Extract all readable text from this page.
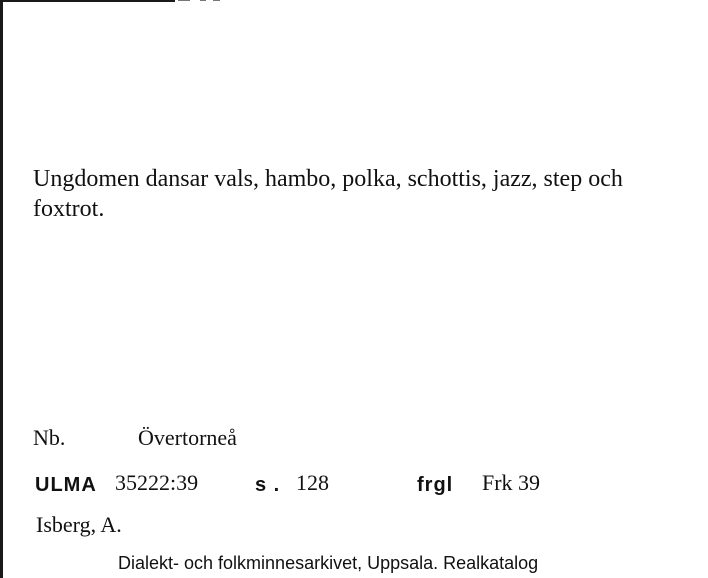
Ungdomen dansar vals, hambo, polka, schottis, jazz, step och foxtrot.
Nb.	Övertorneå
ULMA 35222:39	s . 128	frgl Frk 39
Isberg, A.
Dialekt- och folkminnesarkivet, Uppsala. Realkatalog
